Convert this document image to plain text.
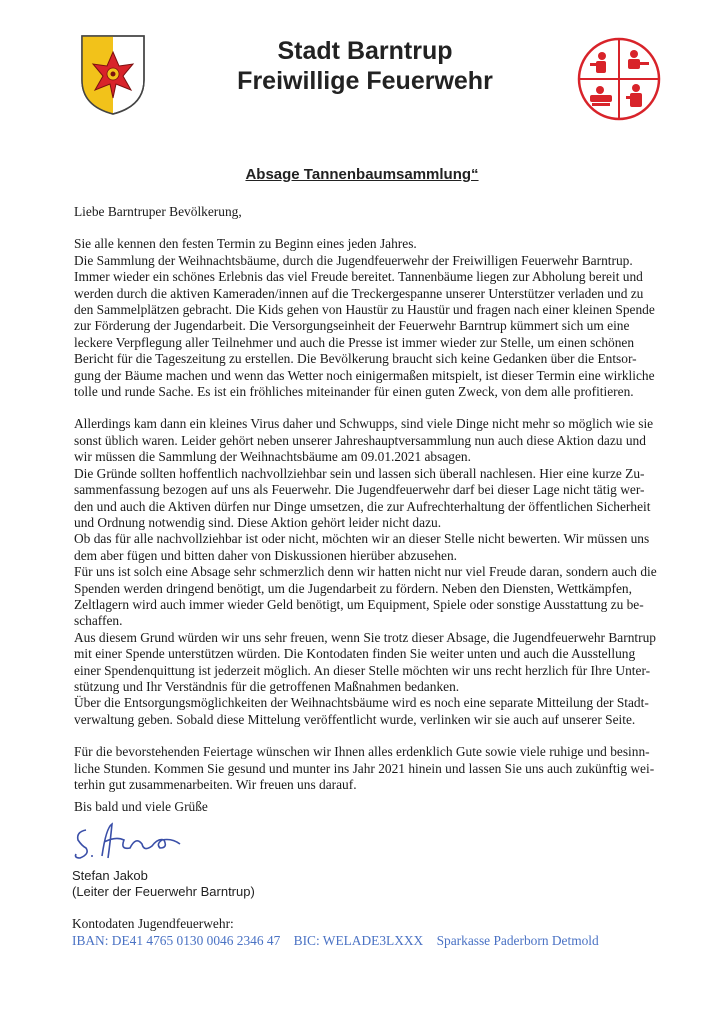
Stadt Barntrup
Freiwillige Feuerwehr
Absage Tannenbaumsammlung“

Liebe Barntruper Bevölkerung,

Sie alle kennen den festen Termin zu Beginn eines jeden Jahres.

Die Sammlung der Weihnachtsbäume, durch die Jugendfeuerwehr der Freiwilligen Feuerwehr Barntrup.

Immer wieder ein schönes Erlebnis das viel Freude bereitet. Tannenbäume liegen zur Abholung bereit und

werden durch die aktiven Kameraden/innen auf die Treckergespanne unserer Unterstützer verladen und zu

den Sammelplätzen gebracht. Die Kids gehen von Haustür zu Haustür und fragen nach einer kleinen Spende

zur Förderung der Jugendarbeit. Die Versorgungseinheit der Feuerwehr Barntrup kümmert sich um eine

leckere Verpflegung aller Teilnehmer und auch die Presse ist immer wieder zur Stelle, um einen schönen

Bericht für die Tageszeitung zu erstellen. Die Bevölkerung braucht sich keine Gedanken über die Entsor-

gung der Bäume machen und wenn das Wetter noch einigermaßen mitspielt, ist dieser Termin eine wirkliche

tolle und runde Sache. Es ist ein fröhliches miteinander für einen guten Zweck, von dem alle profitieren.

Allerdings kam dann ein kleines Virus daher und Schwupps, sind viele Dinge nicht mehr so möglich wie sie

sonst üblich waren. Leider gehört neben unserer Jahreshauptversammlung nun auch diese Aktion dazu und

wir müssen die Sammlung der Weihnachtsbäume am 09.01.2021 absagen.

Die Gründe sollten hoffentlich nachvollziehbar sein und lassen sich überall nachlesen. Hier eine kurze Zu-

sammenfassung bezogen auf uns als Feuerwehr. Die Jugendfeuerwehr darf bei dieser Lage nicht tätig wer-

den und auch die Aktiven dürfen nur Dinge umsetzen, die zur Aufrechterhaltung der öffentlichen Sicherheit

und Ordnung notwendig sind. Diese Aktion gehört leider nicht dazu.

Ob das für alle nachvollziehbar ist oder nicht, möchten wir an dieser Stelle nicht bewerten. Wir müssen uns

dem aber fügen und bitten daher von Diskussionen hierüber abzusehen.

Für uns ist solch eine Absage sehr schmerzlich denn wir hatten nicht nur viel Freude daran, sondern auch die

Spenden werden dringend benötigt, um die Jugendarbeit zu fördern. Neben den Diensten, Wettkämpfen,

Zeltlagern wird auch immer wieder Geld benötigt, um Equipment, Spiele oder sonstige Ausstattung zu be-

schaffen.

Aus diesem Grund würden wir uns sehr freuen, wenn Sie trotz dieser Absage, die Jugendfeuerwehr Barntrup

mit einer Spende unterstützen würden. Die Kontodaten finden Sie weiter unten und auch die Ausstellung

einer Spendenquittung ist jederzeit möglich. An dieser Stelle möchten wir uns recht herzlich für Ihre Unter-

stützung und Ihr Verständnis für die getroffenen Maßnahmen bedanken.

Über die Entsorgungsmöglichkeiten der Weihnachtsbäume wird es noch eine separate Mitteilung der Stadt-

verwaltung geben. Sobald diese Mittelung veröffentlicht wurde, verlinken wir sie auch auf unserer Seite.

Für die bevorstehenden Feiertage wünschen wir Ihnen alles erdenklich Gute sowie viele ruhige und besinn-

liche Stunden. Kommen Sie gesund und munter ins Jahr 2021 hinein und lassen Sie uns auch zukünftig wei-

terhin gut zusammenarbeiten. Wir freuen uns darauf.

Bis bald und viele Grüße
Stefan Jakob
(Leiter der Feuerwehr Barntrup)
Kontodaten Jugendfeuerwehr:
IBAN: DE41 4765 0130 0046 2346 47 BIC: WELADE3LXXX Sparkasse Paderborn Detmold
